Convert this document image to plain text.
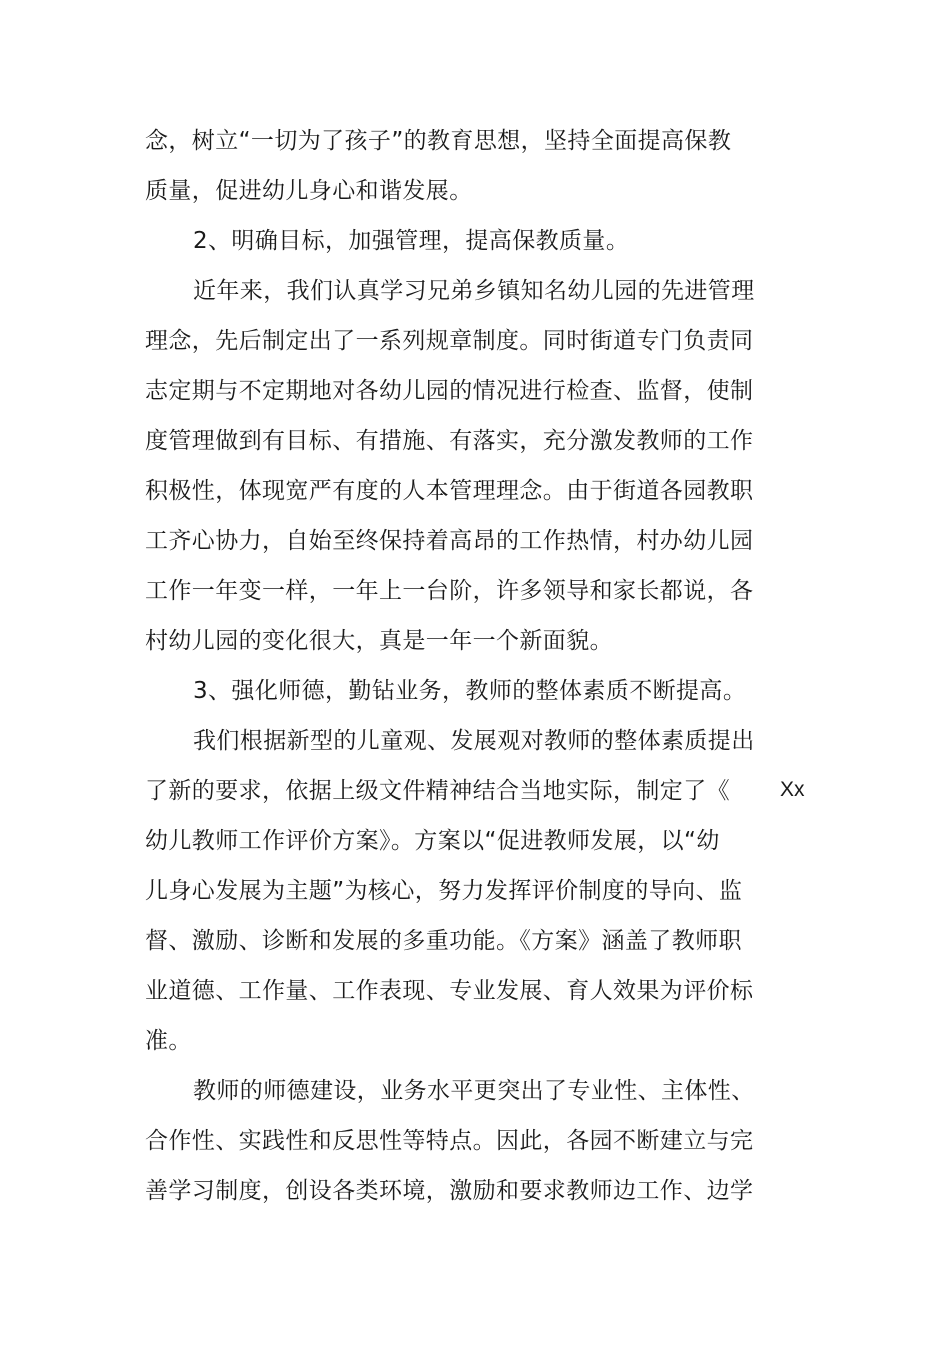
念，树立“一切为了孩子”的教育思想，坚持全面提高保教
质量，促进幼儿身心和谐发展。
2、明确目标，加强管理，提高保教质量。
近年来，我们认真学习兄弟乡镇知名幼儿园的先进管理
理念，先后制定出了一系列规章制度。同时街道专门负责同
志定期与不定期地对各幼儿园的情况进行检查、监督，使制
度管理做到有目标、有措施、有落实，充分激发教师的工作
积极性，体现宽严有度的人本管理理念。由于街道各园教职
工齐心协力，自始至终保持着高昂的工作热情，村办幼儿园
工作一年变一样，一年上一台阶，许多领导和家长都说，各
村幼儿园的变化很大，真是一年一个新面貌。
3、强化师德，勤钻业务，教师的整体素质不断提高。
我们根据新型的儿童观、发展观对教师的整体素质提出
了新的要求，依据上级文件精神结合当地实际，制定了《
幼儿教师工作评价方案》。方案以“促进教师发展，以“幼
儿身心发展为主题”为核心，努力发挥评价制度的导向、监
督、激励、诊断和发展的多重功能。《方案》涵盖了教师职
业道德、工作量、工作表现、专业发展、育人效果为评价标
准。
教师的师德建设，业务水平更突出了专业性、主体性、
合作性、实践性和反思性等特点。因此，各园不断建立与完
善学习制度，创设各类环境，激励和要求教师边工作、边学
Xx
